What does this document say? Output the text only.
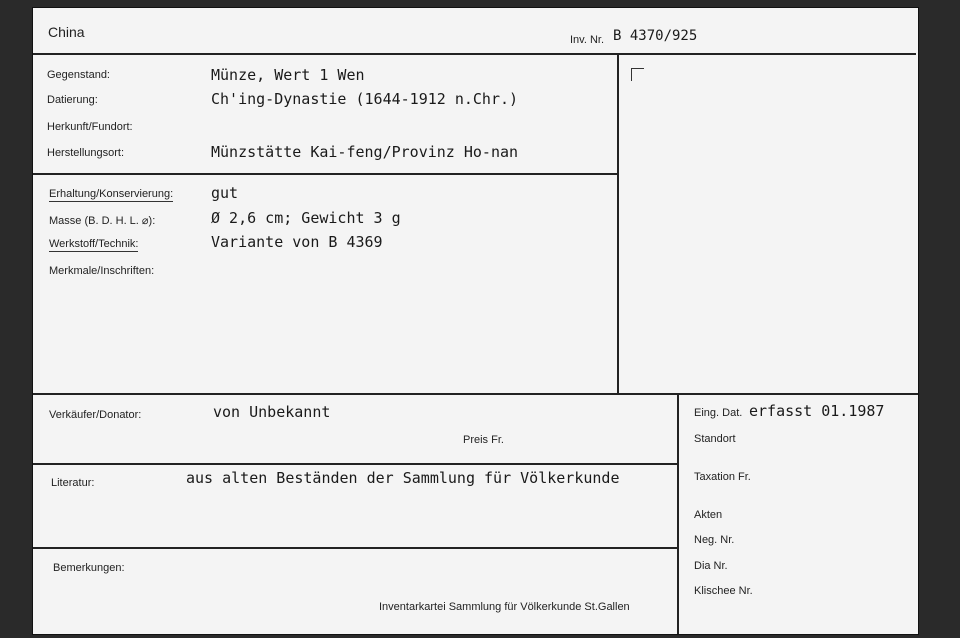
China	Inv. Nr. B 4370/925
Gegenstand:	Münze, Wert 1 Wen
Datierung:	Ch'ing-Dynastie (1644-1912 n.Chr.)
Herkunft/Fundort:
Herstellungsort:	Münzstätte Kai-feng/Provinz Ho-nan
Erhaltung/Konservierung:	gut
Masse (B. D. H. L. ⌀):	Ø 2,6 cm; Gewicht 3 g
Werkstoff/Technik:	Variante von B 4369
Merkmale/Inschriften:
Verkäufer/Donator:	von Unbekannt
Preis Fr.
Literatur:	aus alten Beständen der Sammlung für Völkerkunde
Bemerkungen:
Inventarkartei Sammlung für Völkerkunde St.Gallen
Eing. Dat. erfasst 01.1987
Standort
Taxation Fr.
Akten
Neg. Nr.
Dia Nr.
Klischee Nr.
